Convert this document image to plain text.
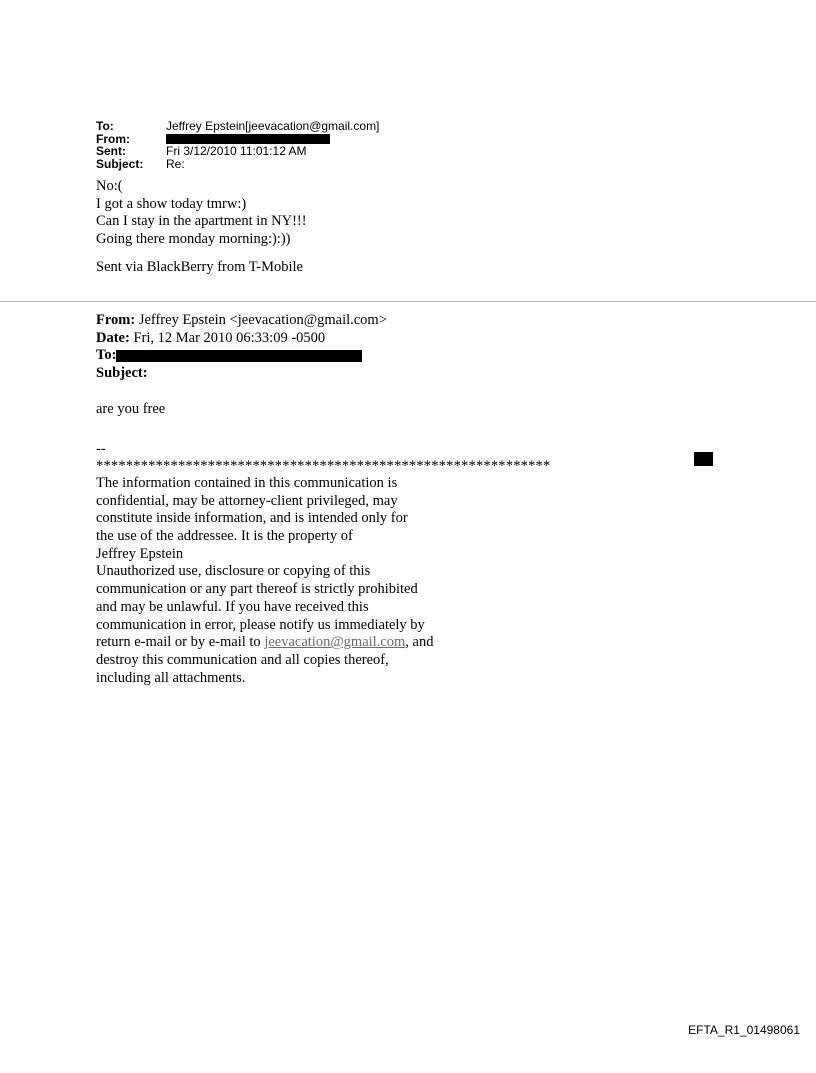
To:	Jeffrey Epstein[jeevacation@gmail.com]
From:
Sent:	Fri 3/12/2010 11:01:12 AM
Subject:	Re:
No:(
I got a show today tmrw:)
Can I stay in the apartment in NY!!!
Going there monday morning:):))
Sent via BlackBerry from T-Mobile
From: Jeffrey Epstein <jeevacation@gmail.com>
Date: Fri, 12 Mar 2010 06:33:09 -0500
To:
Subject:
are you free
--
*************************************************************
The information contained in this communication is
confidential, may be attorney-client privileged, may
constitute inside information, and is intended only for
the use of the addressee. It is the property of
Jeffrey Epstein
Unauthorized use, disclosure or copying of this
communication or any part thereof is strictly prohibited
and may be unlawful. If you have received this
communication in error, please notify us immediately by
return e-mail or by e-mail to jeevacation@gmail.com, and
destroy this communication and all copies thereof,
including all attachments.
EFTA_R1_01498061
